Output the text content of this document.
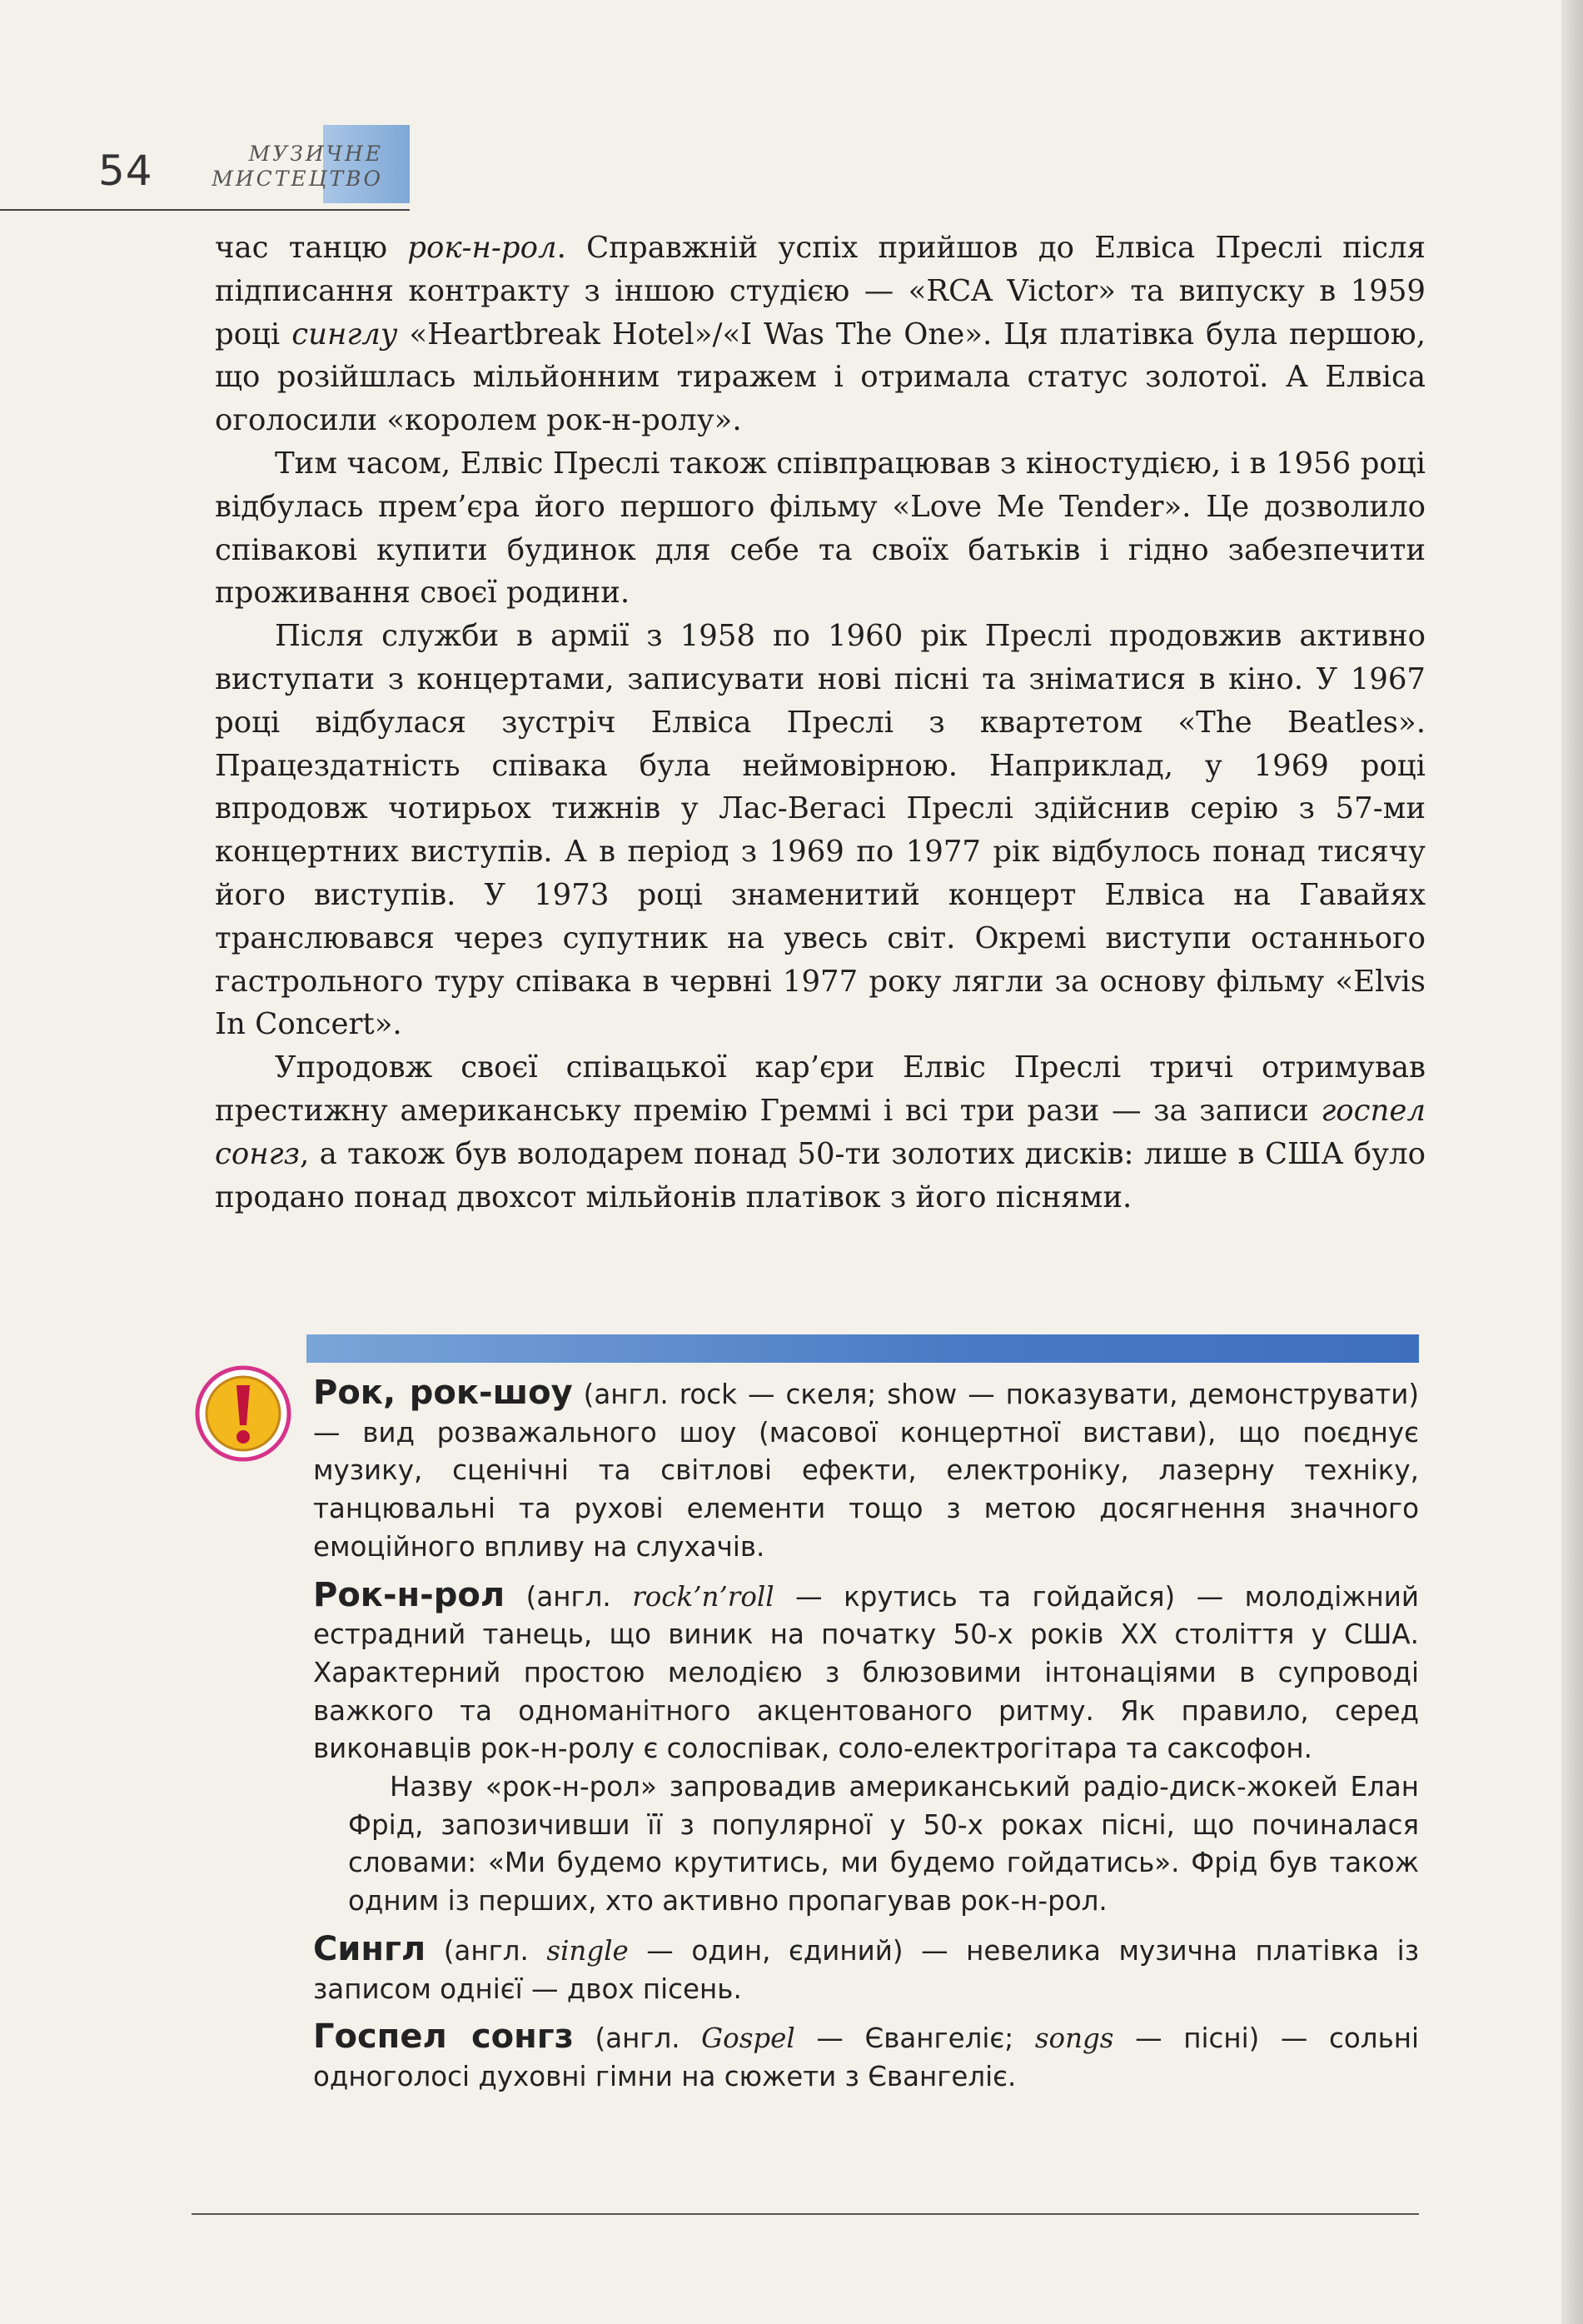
54	МУЗИЧНЕ
МИСТЕЦТВО

час танцю рок-н-рол. Справжній успіх прийшов до Елвіса Преслі після підписання контракту з іншою студією — «RCA Victor» та випуску в 1959 році синглу «Heartbreak Hotel»/«I Was The One». Ця платівка була першою, що розійшлась мільйонним тиражем і отримала статус золотої. А Елвіса оголосили «королем рок-н-ролу».

Тим часом, Елвіс Преслі також співпрацював з кіностудією, і в 1956 році відбулась прем’єра його першого фільму «Love Me Tender». Це дозволило співакові купити будинок для себе та своїх батьків і гідно забезпечити проживання своєї родини.

Після служби в армії з 1958 по 1960 рік Преслі продовжив активно виступати з концертами, записувати нові пісні та зніматися в кіно. У 1967 році відбулася зустріч Елвіса Преслі з квартетом «The Beatles». Працездатність співака була неймовірною. Наприклад, у 1969 році впродовж чотирьох тижнів у Лас-Вегасі Преслі здійснив серію з 57-ми концертних виступів. А в період з 1969 по 1977 рік відбулось понад тисячу його виступів. У 1973 році знаменитий концерт Елвіса на Гавайях транслювався через супутник на увесь світ. Окремі виступи останнього гастрольного туру співака в червні 1977 року лягли за основу фільму «Elvis In Concert».

Упродовж своєї співацької кар’єри Елвіс Преслі тричі отримував престижну американську премію Греммі і всі три рази — за записи госпел сонгз, а також був володарем понад 50-ти золотих дисків: лише в США було продано понад двохсот мільйонів платівок з його піснями.

Рок, рок-шоу (англ. rock — скеля; show — показувати, демонструвати) — вид розважального шоу (масової концертної вистави), що поєднує музику, сценічні та світлові ефекти, електроніку, лазерну техніку, танцювальні та рухові елементи тощо з метою досягнення значного емоційного впливу на слухачів.

Рок-н-рол (англ. rock’n’roll — крутись та гойдайся) — молодіжний естрадний танець, що виник на початку 50-х років XX століття у США. Характерний простою мелодією з блюзовими інтонаціями в супроводі важкого та одноманітного акцентованого ритму. Як правило, серед виконавців рок-н-ролу є солоспівак, соло-електрогітара та саксофон.

Назву «рок-н-рол» запровадив американський радіо-диск-жокей Елан Фрід, запозичивши її з популярної у 50-х роках пісні, що починалася словами: «Ми будемо крутитись, ми будемо гойдатись». Фрід був також одним із перших, хто активно пропагував рок-н-рол.

Сингл (англ. single — один, єдиний) — невелика музична платівка із записом однієї — двох пісень.

Госпел сонгз (англ. Gospel — Євангеліє; songs — пісні) — сольні одноголосі духовні гімни на сюжети з Євангеліє.
